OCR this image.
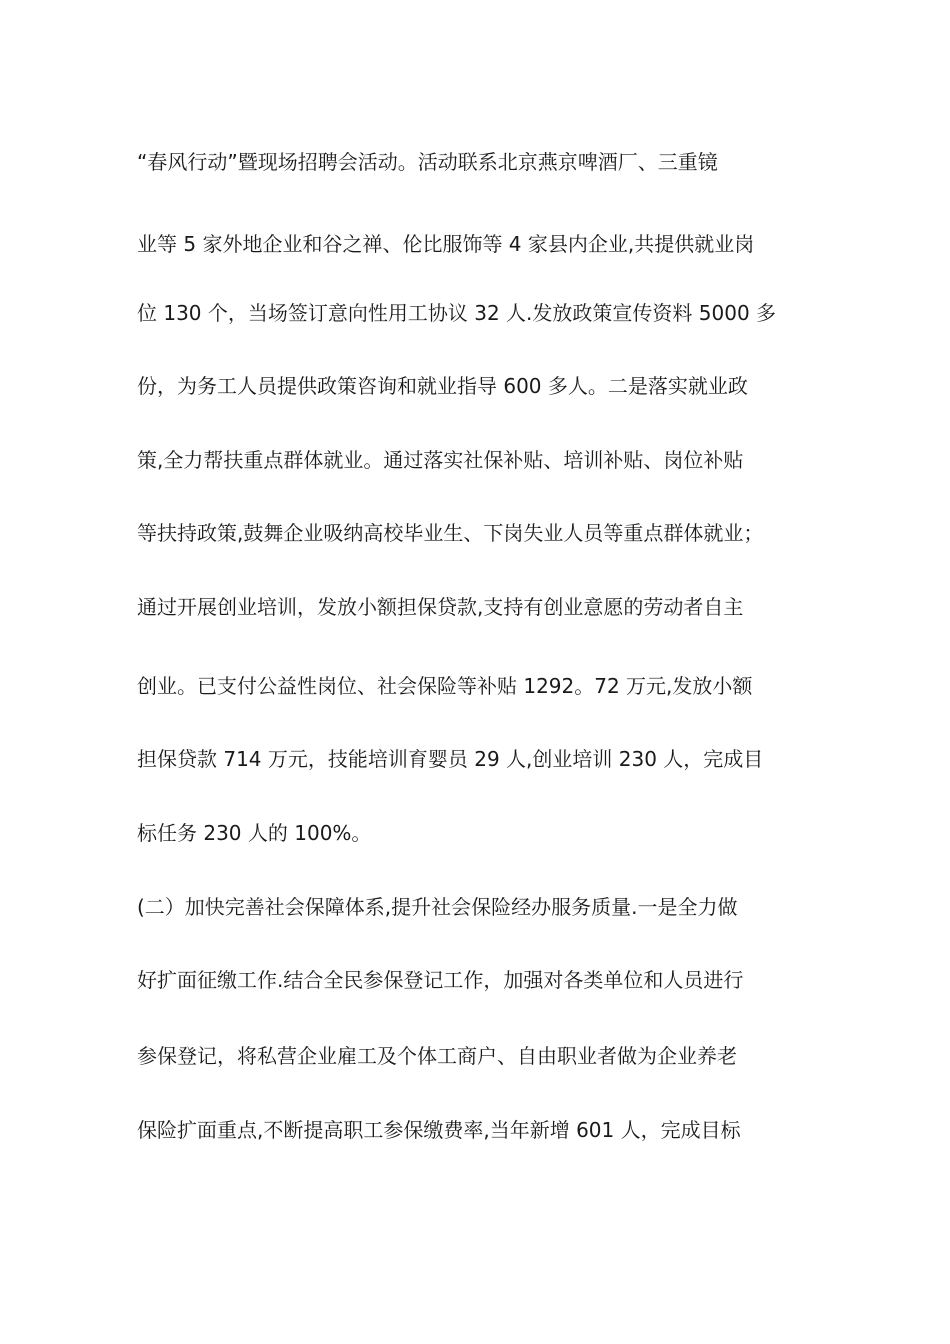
“春风行动”暨现场招聘会活动。活动联系北京燕京啤酒厂、三重镜
业等 5 家外地企业和谷之禅、伦比服饰等 4 家县内企业,共提供就业岗
位 130 个，当场签订意向性用工协议 32 人.发放政策宣传资料 5000 多
份，为务工人员提供政策咨询和就业指导 600 多人。二是落实就业政
策,全力帮扶重点群体就业。通过落实社保补贴、培训补贴、岗位补贴
等扶持政策,鼓舞企业吸纳高校毕业生、下岗失业人员等重点群体就业；
通过开展创业培训，发放小额担保贷款,支持有创业意愿的劳动者自主
创业。已支付公益性岗位、社会保险等补贴 1292。72 万元,发放小额
担保贷款 714 万元，技能培训育婴员 29 人,创业培训 230 人，完成目
标任务 230 人的 100%。
(二）加快完善社会保障体系,提升社会保险经办服务质量.一是全力做
好扩面征缴工作.结合全民参保登记工作，加强对各类单位和人员进行
参保登记，将私营企业雇工及个体工商户、自由职业者做为企业养老
保险扩面重点,不断提高职工参保缴费率,当年新增 601 人，完成目标
